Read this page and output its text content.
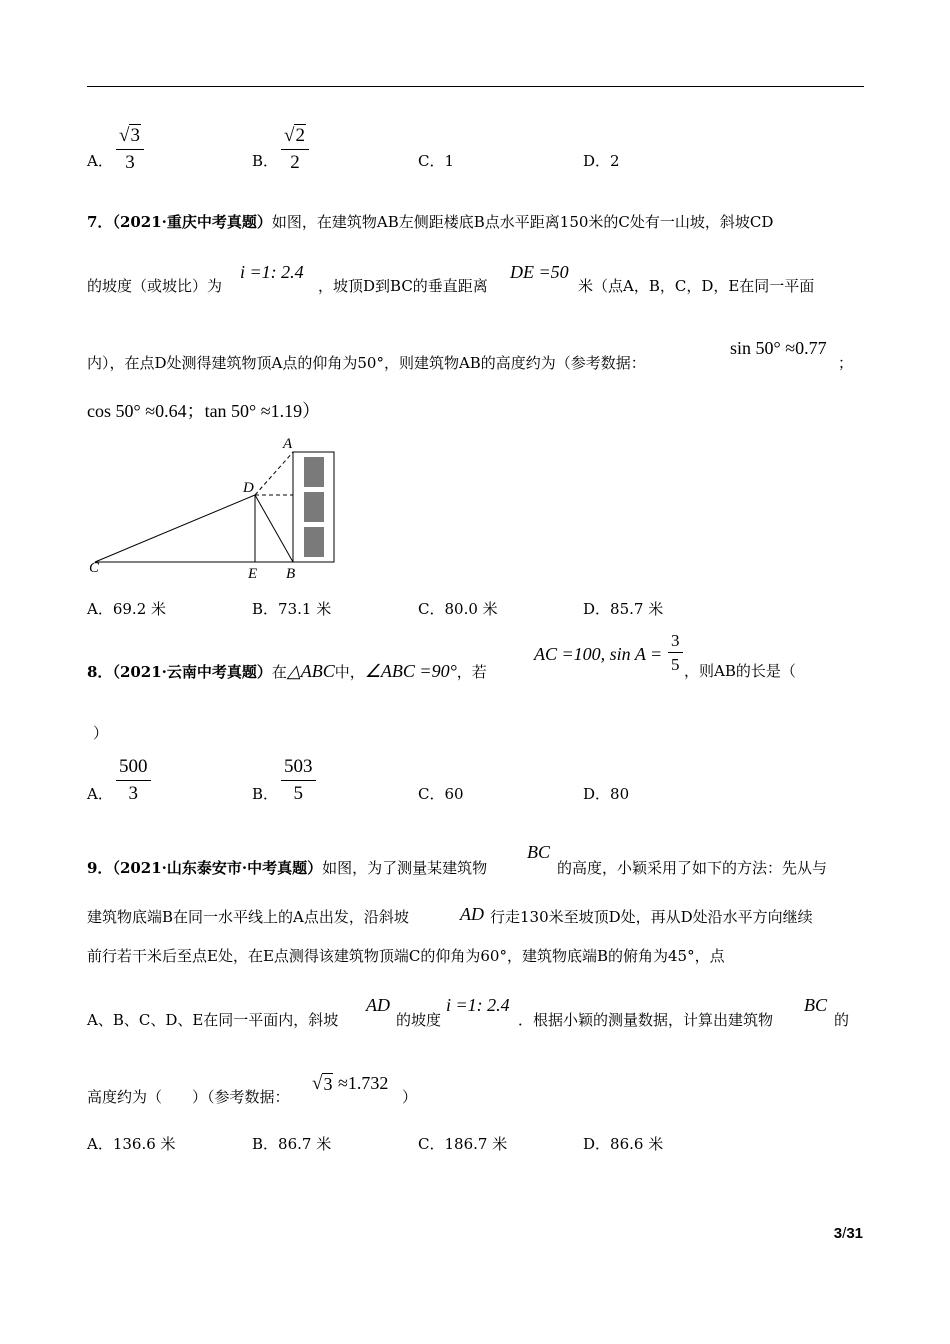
A． $\frac{√ 3}{3}$	B． $\frac{√ 2}{2}$	C．1	D．2
7．（2021·重庆中考真题）如图，在建筑物AB左侧距楼底B点水平距离150米的C处有一山坡，斜坡CD
的坡度（或坡比）为
i =1: 2.4
，坡顶D到BC的垂直距离
DE =50
米（点A，B，C，D，E在同一平面
内），在点D处测得建筑物顶A点的仰角为50°，则建筑物AB的高度约为（参考数据：
sin 50° ≈0.77
；
cos 50° ≈0.64；tan 50° ≈1.19）
A
D
C	E B
A．69.2 米	B．73.1 米	C．80.0 米	D．85.7 米
8．（2021·云南中考真题）在△ABC中，∠ABC =90°，若
AC =100, $\sin A = \frac{3}{5}$ ，则AB的长是（
）
A． $\frac{500}{3}$	B． $\frac{503}{5}$	C．60	D．80
9．（2021·山东泰安市·中考真题）如图，为了测量某建筑物
BC
的高度，小颖采用了如下的方法：先从与
建筑物底端B在同一水平线上的A点出发，沿斜坡	AD 行走130米至坡顶D处，再从D处沿水平方向继续
前行若干米后至点E处，在E点测得该建筑物顶端C的仰角为60°，建筑物底端B的俯角为45°，点
A、B、C、D、E在同一平面内，斜坡
AD
的坡度
i =1: 2.4
．根据小颖的测量数据，计算出建筑物
BC
的
高度约为（　　）（参考数据：
√ 3 ≈1.732
）
A．136.6 米	B．86.7 米	C．186.7 米	D．86.6 米
3/31
